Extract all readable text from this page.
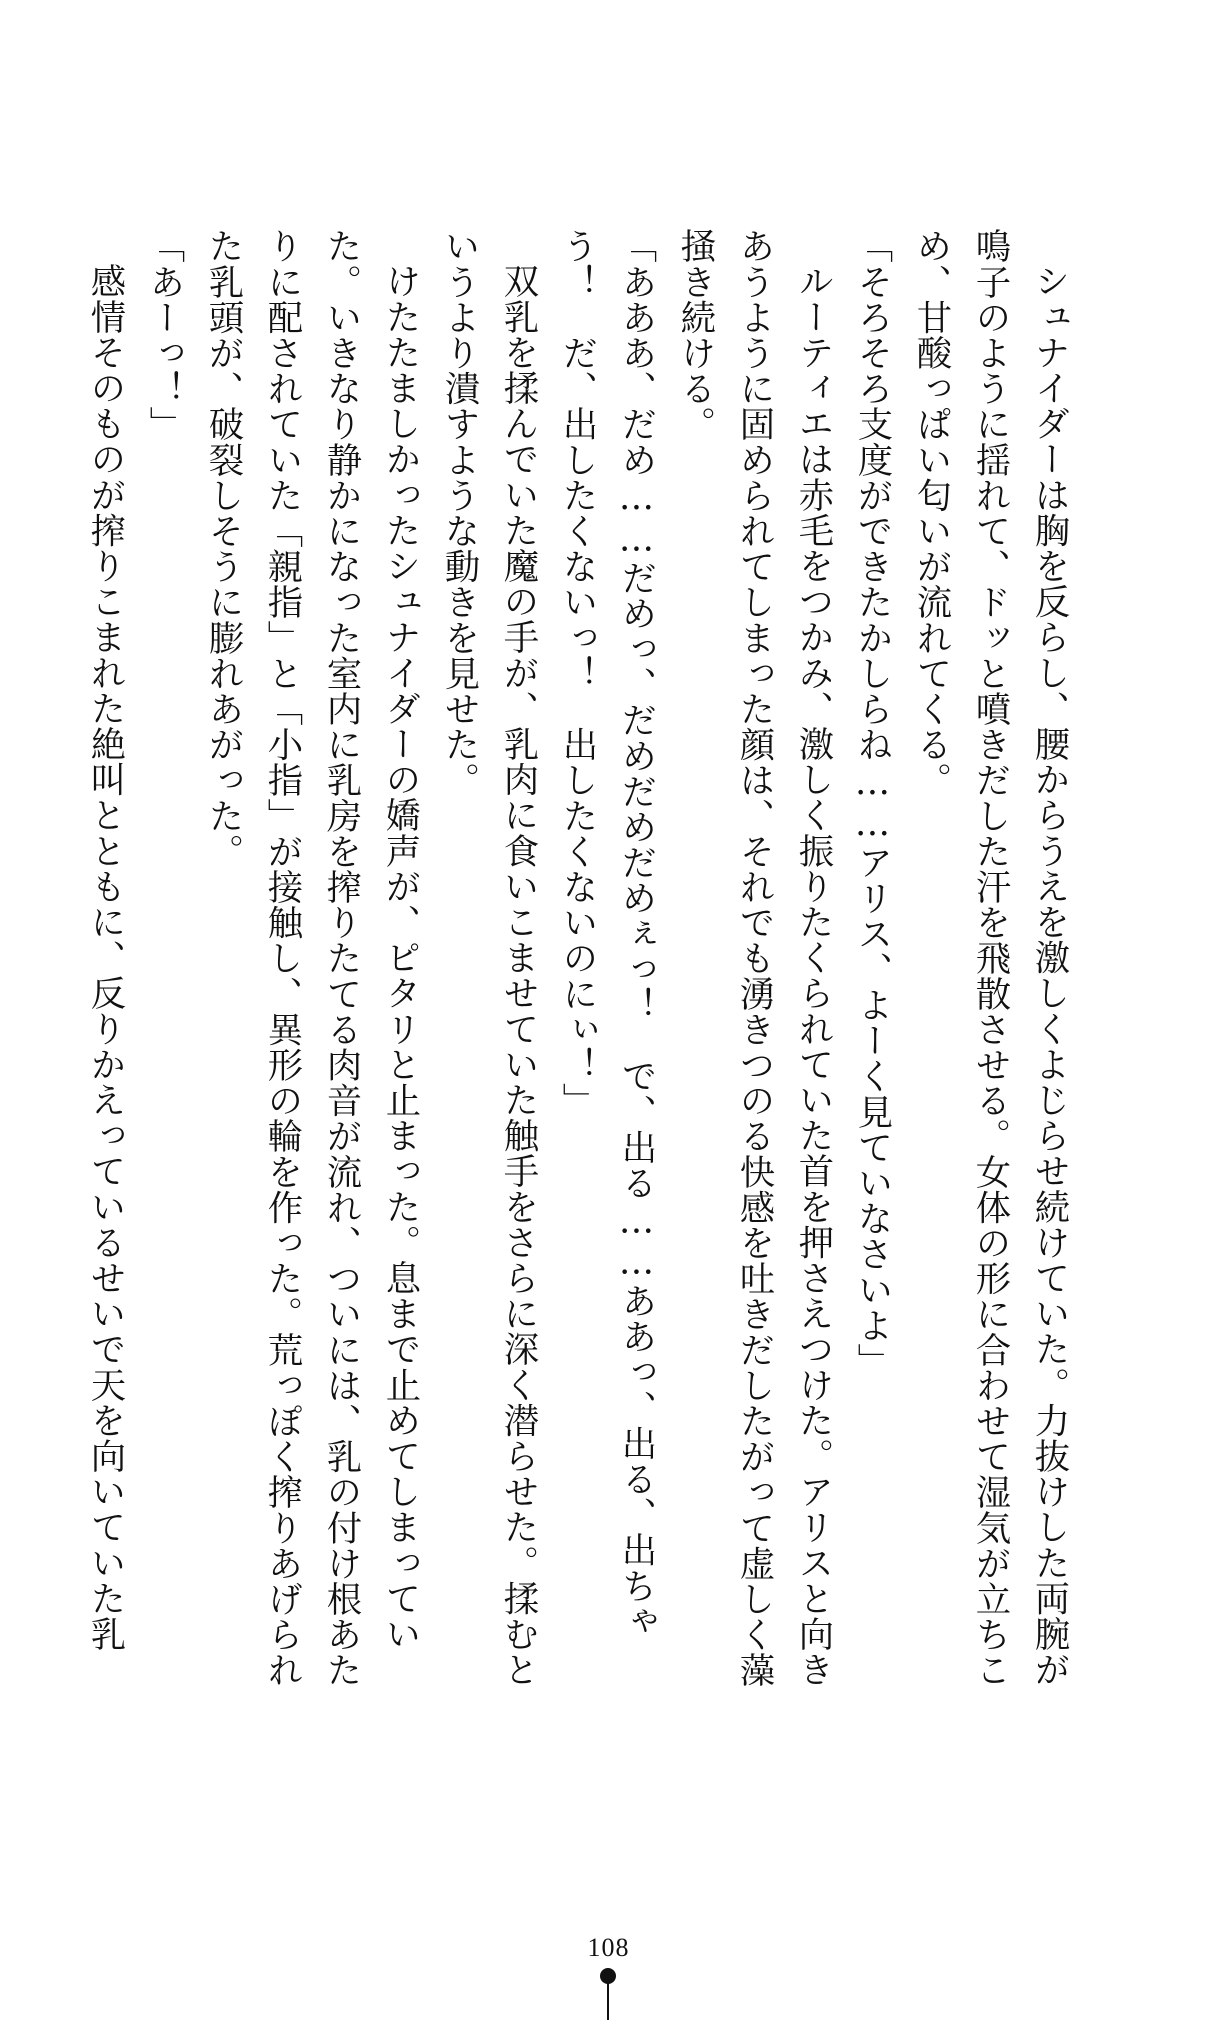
シュナイダーは胸を反らし、腰からうえを激しくよじらせ続けていた。力抜けした両腕が鳴子のように揺れて、ドッと噴きだした汗を飛散させる。女体の形に合わせて湿気が立ちこめ、甘酸っぱい匂いが流れてくる。

「そろそろ支度ができたかしらね……アリス、よーく見ていなさいよ」

ルーティエは赤毛をつかみ、激しく振りたくられていた首を押さえつけた。アリスと向きあうように固められてしまった顔は、それでも湧きつのる快感を吐きだしたがって虚しく藻掻き続ける。

「あああ、だめ……だめっ、だめだめだめぇっ！　で、出る……ああっ、出る、出ちゃう！　だ、出したくないっ！　出したくないのにぃ！」

双乳を揉んでいた魔の手が、乳肉に食いこませていた触手をさらに深く潜らせた。揉むというより潰すような動きを見せた。

けたたましかったシュナイダーの嬌声が、ピタリと止まった。息まで止めてしまっていた。いきなり静かになった室内に乳房を搾りたてる肉音が流れ、ついには、乳の付け根あたりに配されていた「親指」と「小指」が接触し、異形の輪を作った。荒っぽく搾りあげられた乳頭が、破裂しそうに膨れあがった。

「あーっ！」

感情そのものが搾りこまれた絶叫とともに、反りかえっているせいで天を向いていた乳

108
